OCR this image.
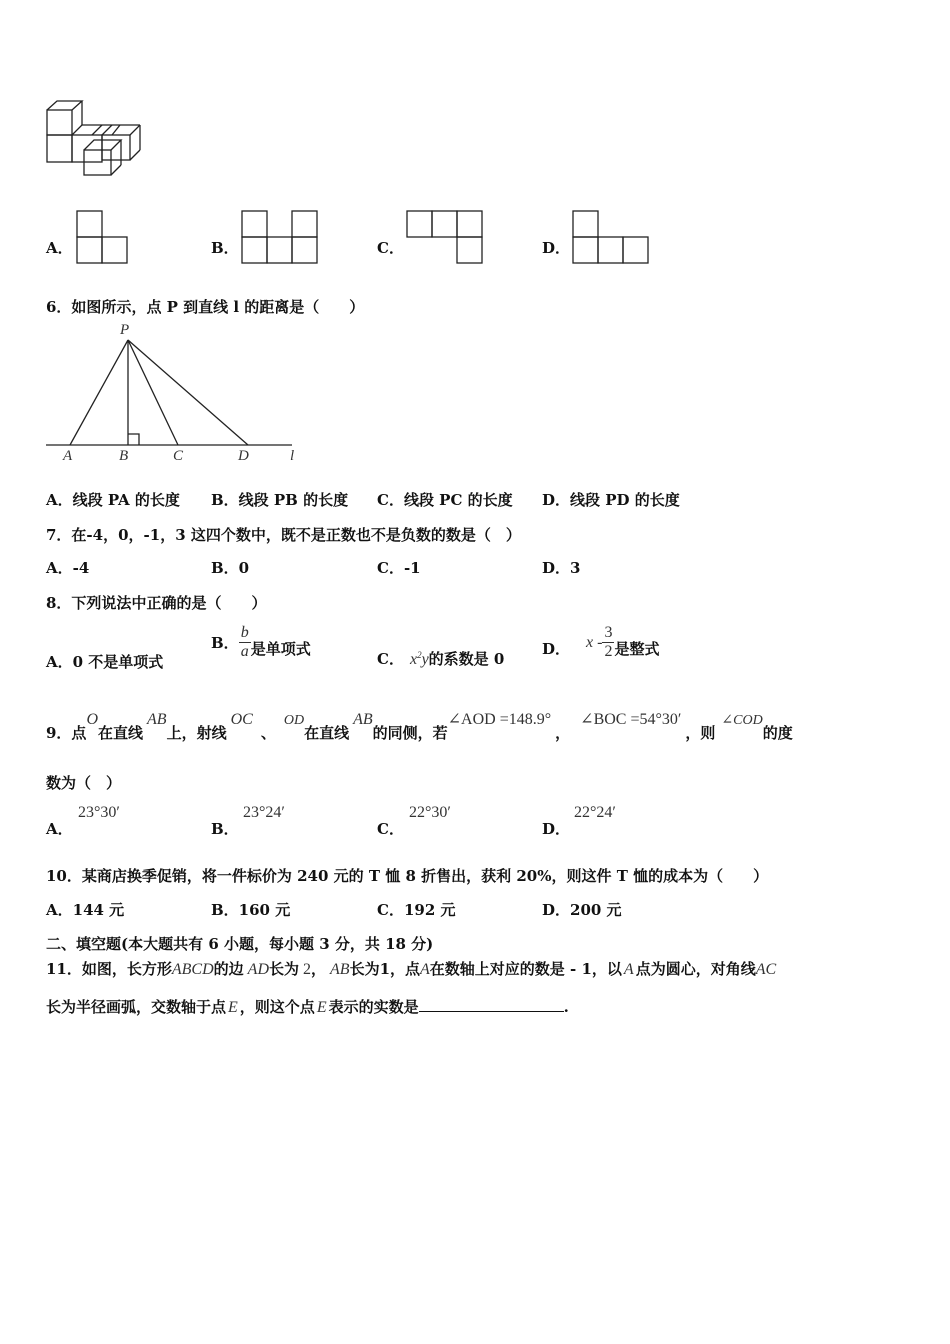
A．	B．	C．	D．
6．如图所示，点 P 到直线 l 的距离是（　　）
P
A	B	C	D	l
A．线段 PA 的长度 B．线段 PB 的长度 C．线段 PC 的长度 D．线段 PD 的长度
7．在-4，0，-1，3 这四个数中，既不是正数也不是负数的数是（　）
A．-4	B．0	C．-1	D．3
8．下列说法中正确的是（　　）
A．0 不是单项式
B． $\frac{b}{a}$ 是单项式
C． $x^2y$的系数是 0
D． x - $\frac{3}{2}$ 是整式
9．点O在直线AB上，射线OC、OD在直线AB的同侧，若∠AOD =148.9°，∠BOC =54°30′，则∠COD的度
数为（　）
A．
23°30′
B．
23°24′
C．
22°30′
D．
22°24′
10．某商店换季促销，将一件标价为 240 元的 T 恤 8 折售出，获利 20%，则这件 T 恤的成本为（　　）
A．144 元	B．160 元	C．192 元	D．200 元
二、填空题(本大题共有 6 小题，每小题 3 分，共 18 分)
11．如图，长方形ABCD的边 AD长为 2， AB长为1，点A在数轴上对应的数是 - 1，以 A 点为圆心，对角线AC
长为半径画弧，交数轴于点 E ，则这个点 E 表示的实数是	.
